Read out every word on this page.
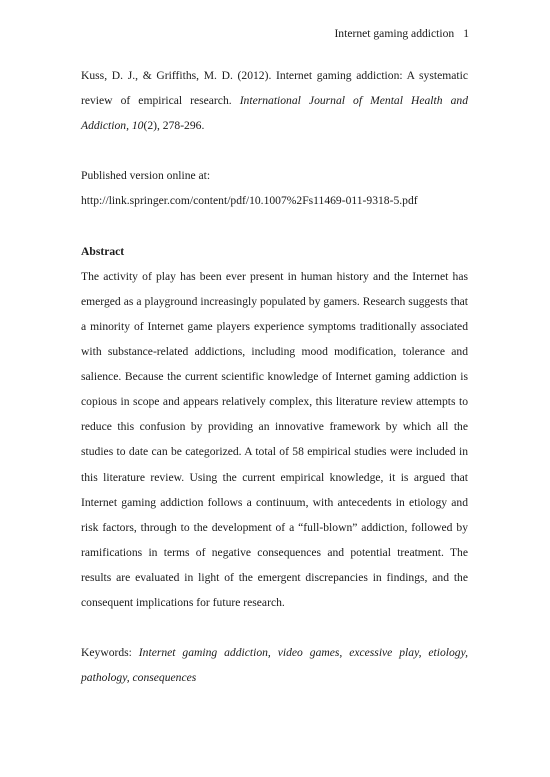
Internet gaming addiction 1

Kuss, D. J., & Griffiths, M. D. (2012). Internet gaming addiction: A systematic review of empirical research. International Journal of Mental Health and Addiction, 10(2), 278-296.

Published version online at:

http://link.springer.com/content/pdf/10.1007%2Fs11469-011-9318-5.pdf

Abstract

The activity of play has been ever present in human history and the Internet has emerged as a playground increasingly populated by gamers. Research suggests that a minority of Internet game players experience symptoms traditionally associated with substance-related addictions, including mood modification, tolerance and salience. Because the current scientific knowledge of Internet gaming addiction is copious in scope and appears relatively complex, this literature review attempts to reduce this confusion by providing an innovative framework by which all the studies to date can be categorized. A total of 58 empirical studies were included in this literature review. Using the current empirical knowledge, it is argued that Internet gaming addiction follows a continuum, with antecedents in etiology and risk factors, through to the development of a “full-blown” addiction, followed by ramifications in terms of negative consequences and potential treatment. The results are evaluated in light of the emergent discrepancies in findings, and the consequent implications for future research.

Keywords: Internet gaming addiction, video games, excessive play, etiology, pathology, consequences
